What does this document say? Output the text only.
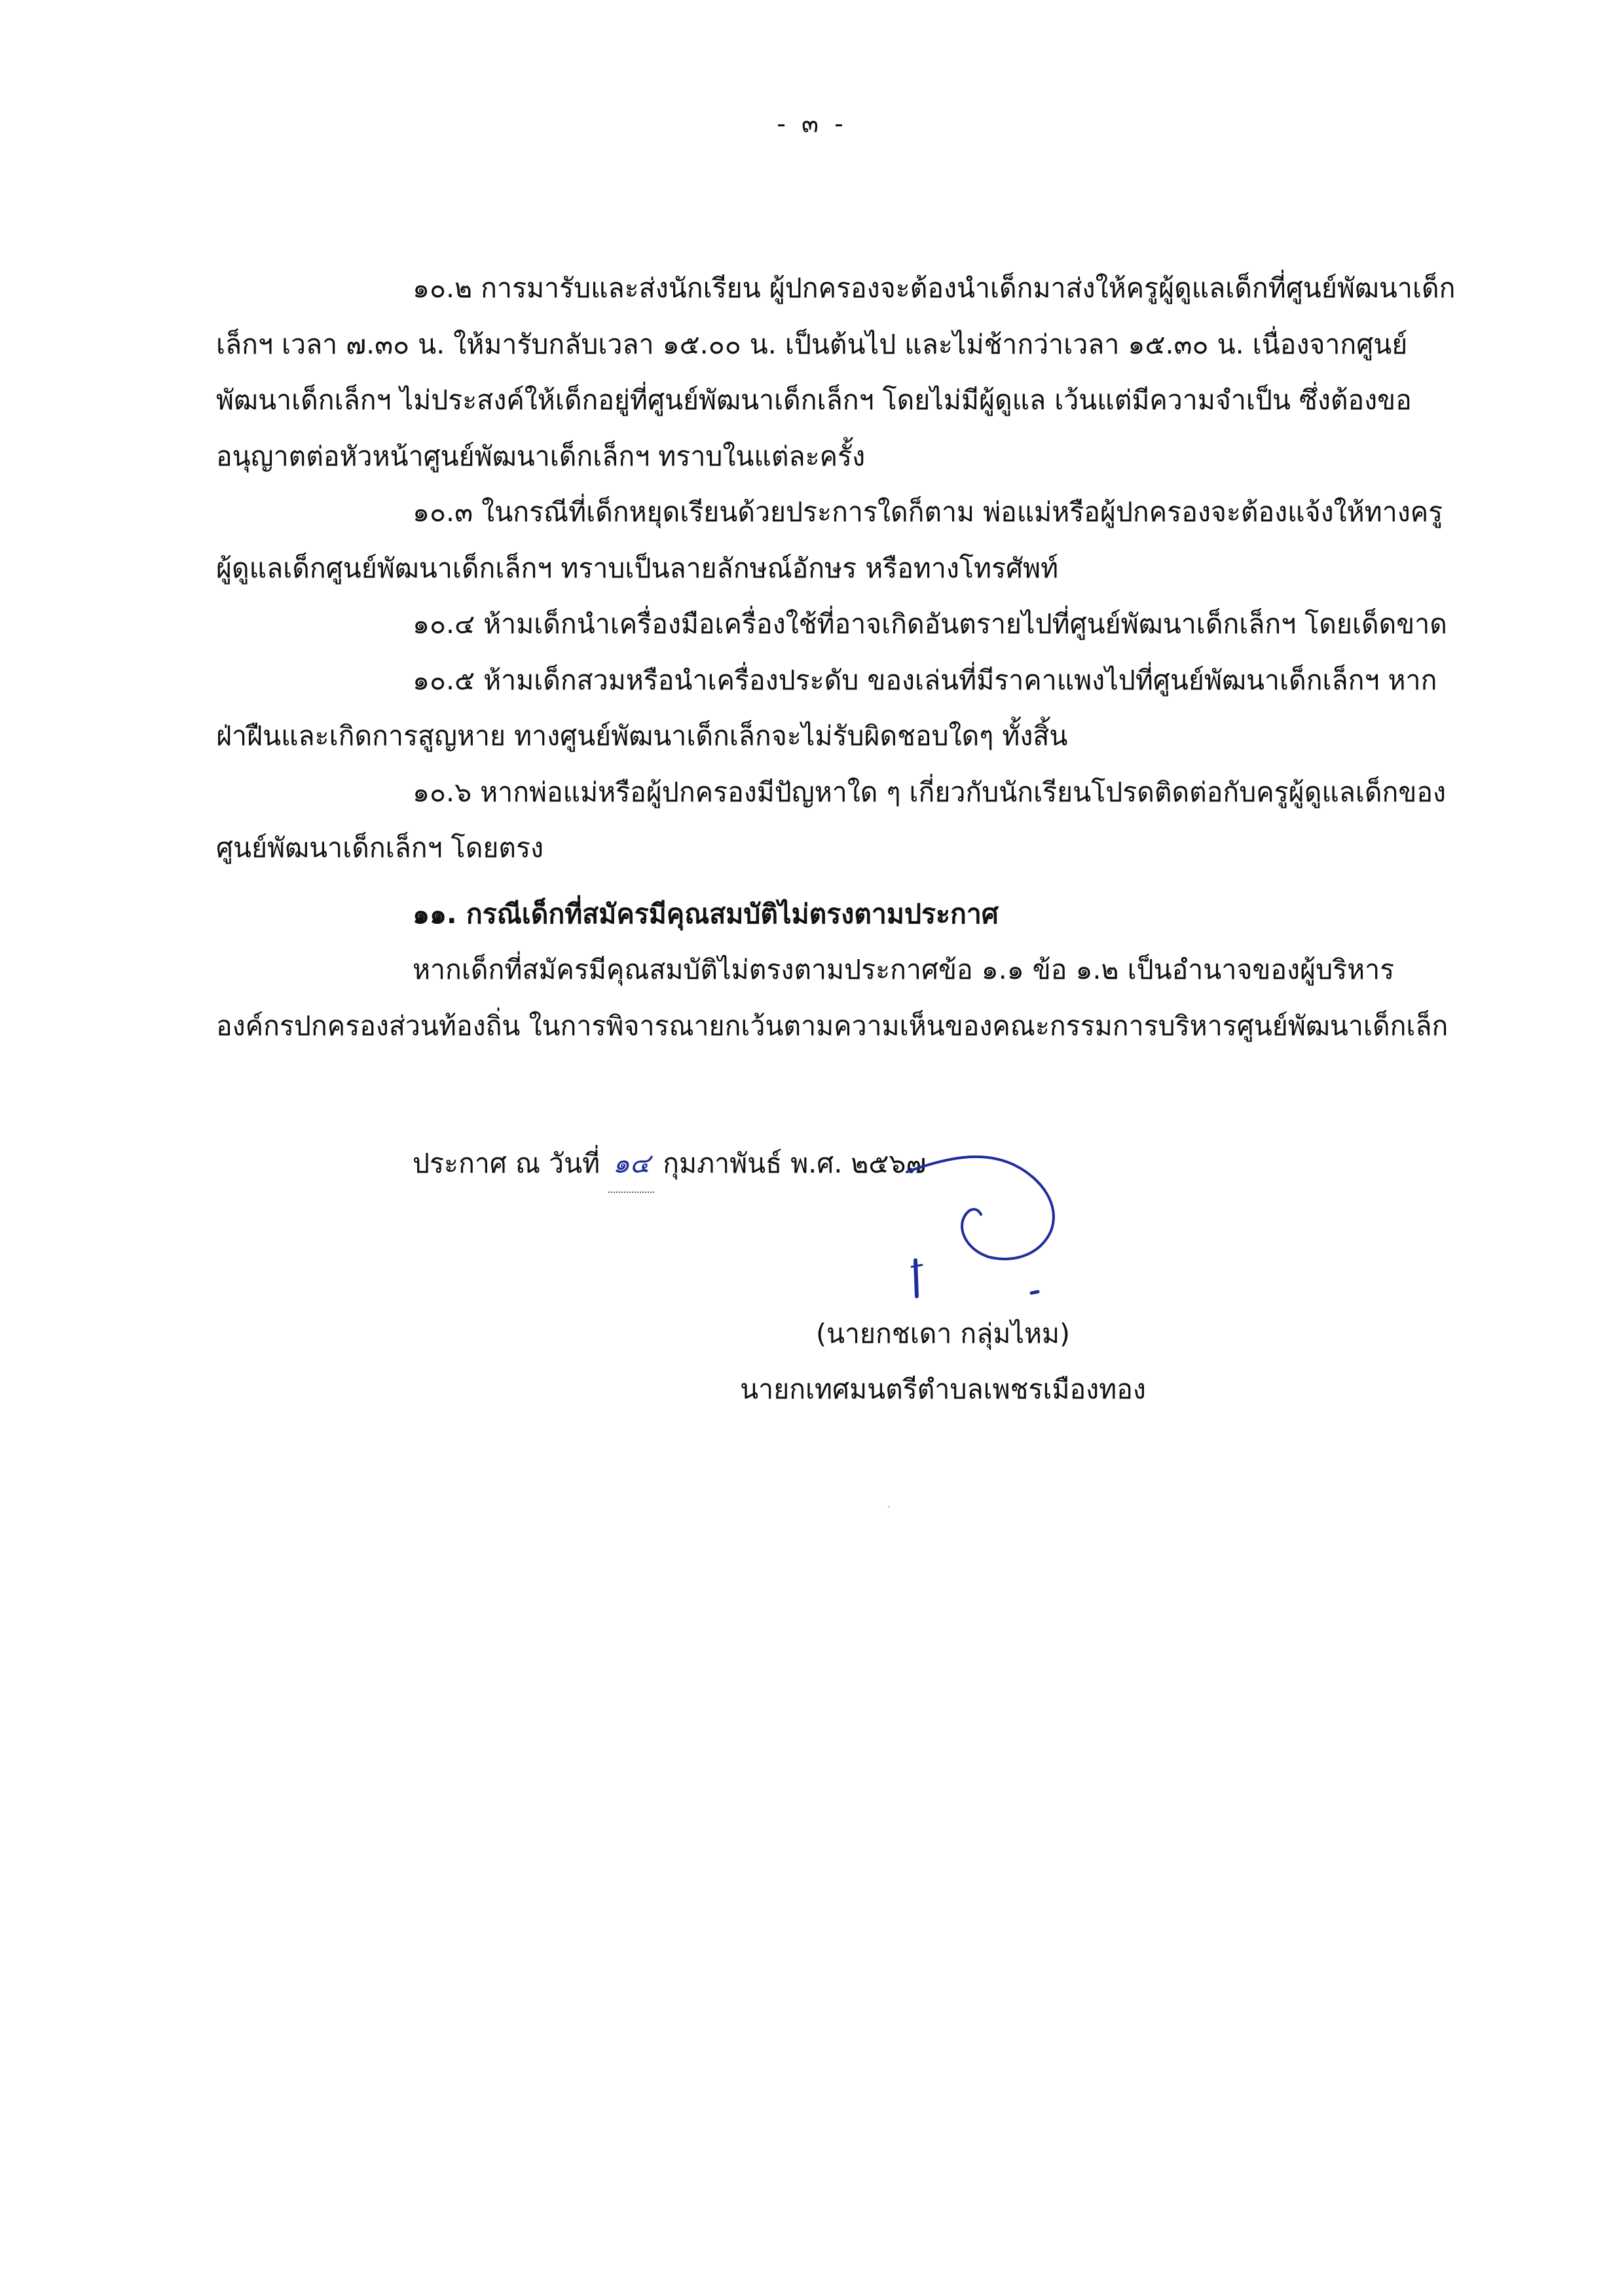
- ๓ -

๑๐.๒ การมารับและส่งนักเรียน ผู้ปกครองจะต้องนำเด็กมาส่งให้ครูผู้ดูแลเด็กที่ศูนย์พัฒนาเด็กเล็กฯ เวลา ๗.๓๐ น. ให้มารับกลับเวลา ๑๕.๐๐ น. เป็นต้นไป และไม่ช้ากว่าเวลา ๑๕.๓๐ น. เนื่องจากศูนย์พัฒนาเด็กเล็กฯ ไม่ประสงค์ให้เด็กอยู่ที่ศูนย์พัฒนาเด็กเล็กฯ โดยไม่มีผู้ดูแล เว้นแต่มีความจำเป็น ซึ่งต้องขออนุญาตต่อหัวหน้าศูนย์พัฒนาเด็กเล็กฯ ทราบในแต่ละครั้ง

๑๐.๓ ในกรณีที่เด็กหยุดเรียนด้วยประการใดก็ตาม พ่อแม่หรือผู้ปกครองจะต้องแจ้งให้ทางครูผู้ดูแลเด็กศูนย์พัฒนาเด็กเล็กฯ ทราบเป็นลายลักษณ์อักษร หรือทางโทรศัพท์

๑๐.๔ ห้ามเด็กนำเครื่องมือเครื่องใช้ที่อาจเกิดอันตรายไปที่ศูนย์พัฒนาเด็กเล็กฯ โดยเด็ดขาด

๑๐.๕ ห้ามเด็กสวมหรือนำเครื่องประดับ ของเล่นที่มีราคาแพงไปที่ศูนย์พัฒนาเด็กเล็กฯ หากฝ่าฝืนและเกิดการสูญหาย ทางศูนย์พัฒนาเด็กเล็กจะไม่รับผิดชอบใดๆ ทั้งสิ้น

๑๐.๖ หากพ่อแม่หรือผู้ปกครองมีปัญหาใด ๆ เกี่ยวกับนักเรียนโปรดติดต่อกับครูผู้ดูแลเด็กของศูนย์พัฒนาเด็กเล็กฯ โดยตรง

๑๑. กรณีเด็กที่สมัครมีคุณสมบัติไม่ตรงตามประกาศ

หากเด็กที่สมัครมีคุณสมบัติไม่ตรงตามประกาศข้อ ๑.๑ ข้อ ๑.๒ เป็นอำนาจของผู้บริหารองค์กรปกครองส่วนท้องถิ่น ในการพิจารณายกเว้นตามความเห็นของคณะกรรมการบริหารศูนย์พัฒนาเด็กเล็ก

ประกาศ ณ วันที่ ๑๔ กุมภาพันธ์ พ.ศ. ๒๕๖๗
(นายกชเดา กลุ่มไหม)
นายกเทศมนตรีตำบลเพชรเมืองทอง
